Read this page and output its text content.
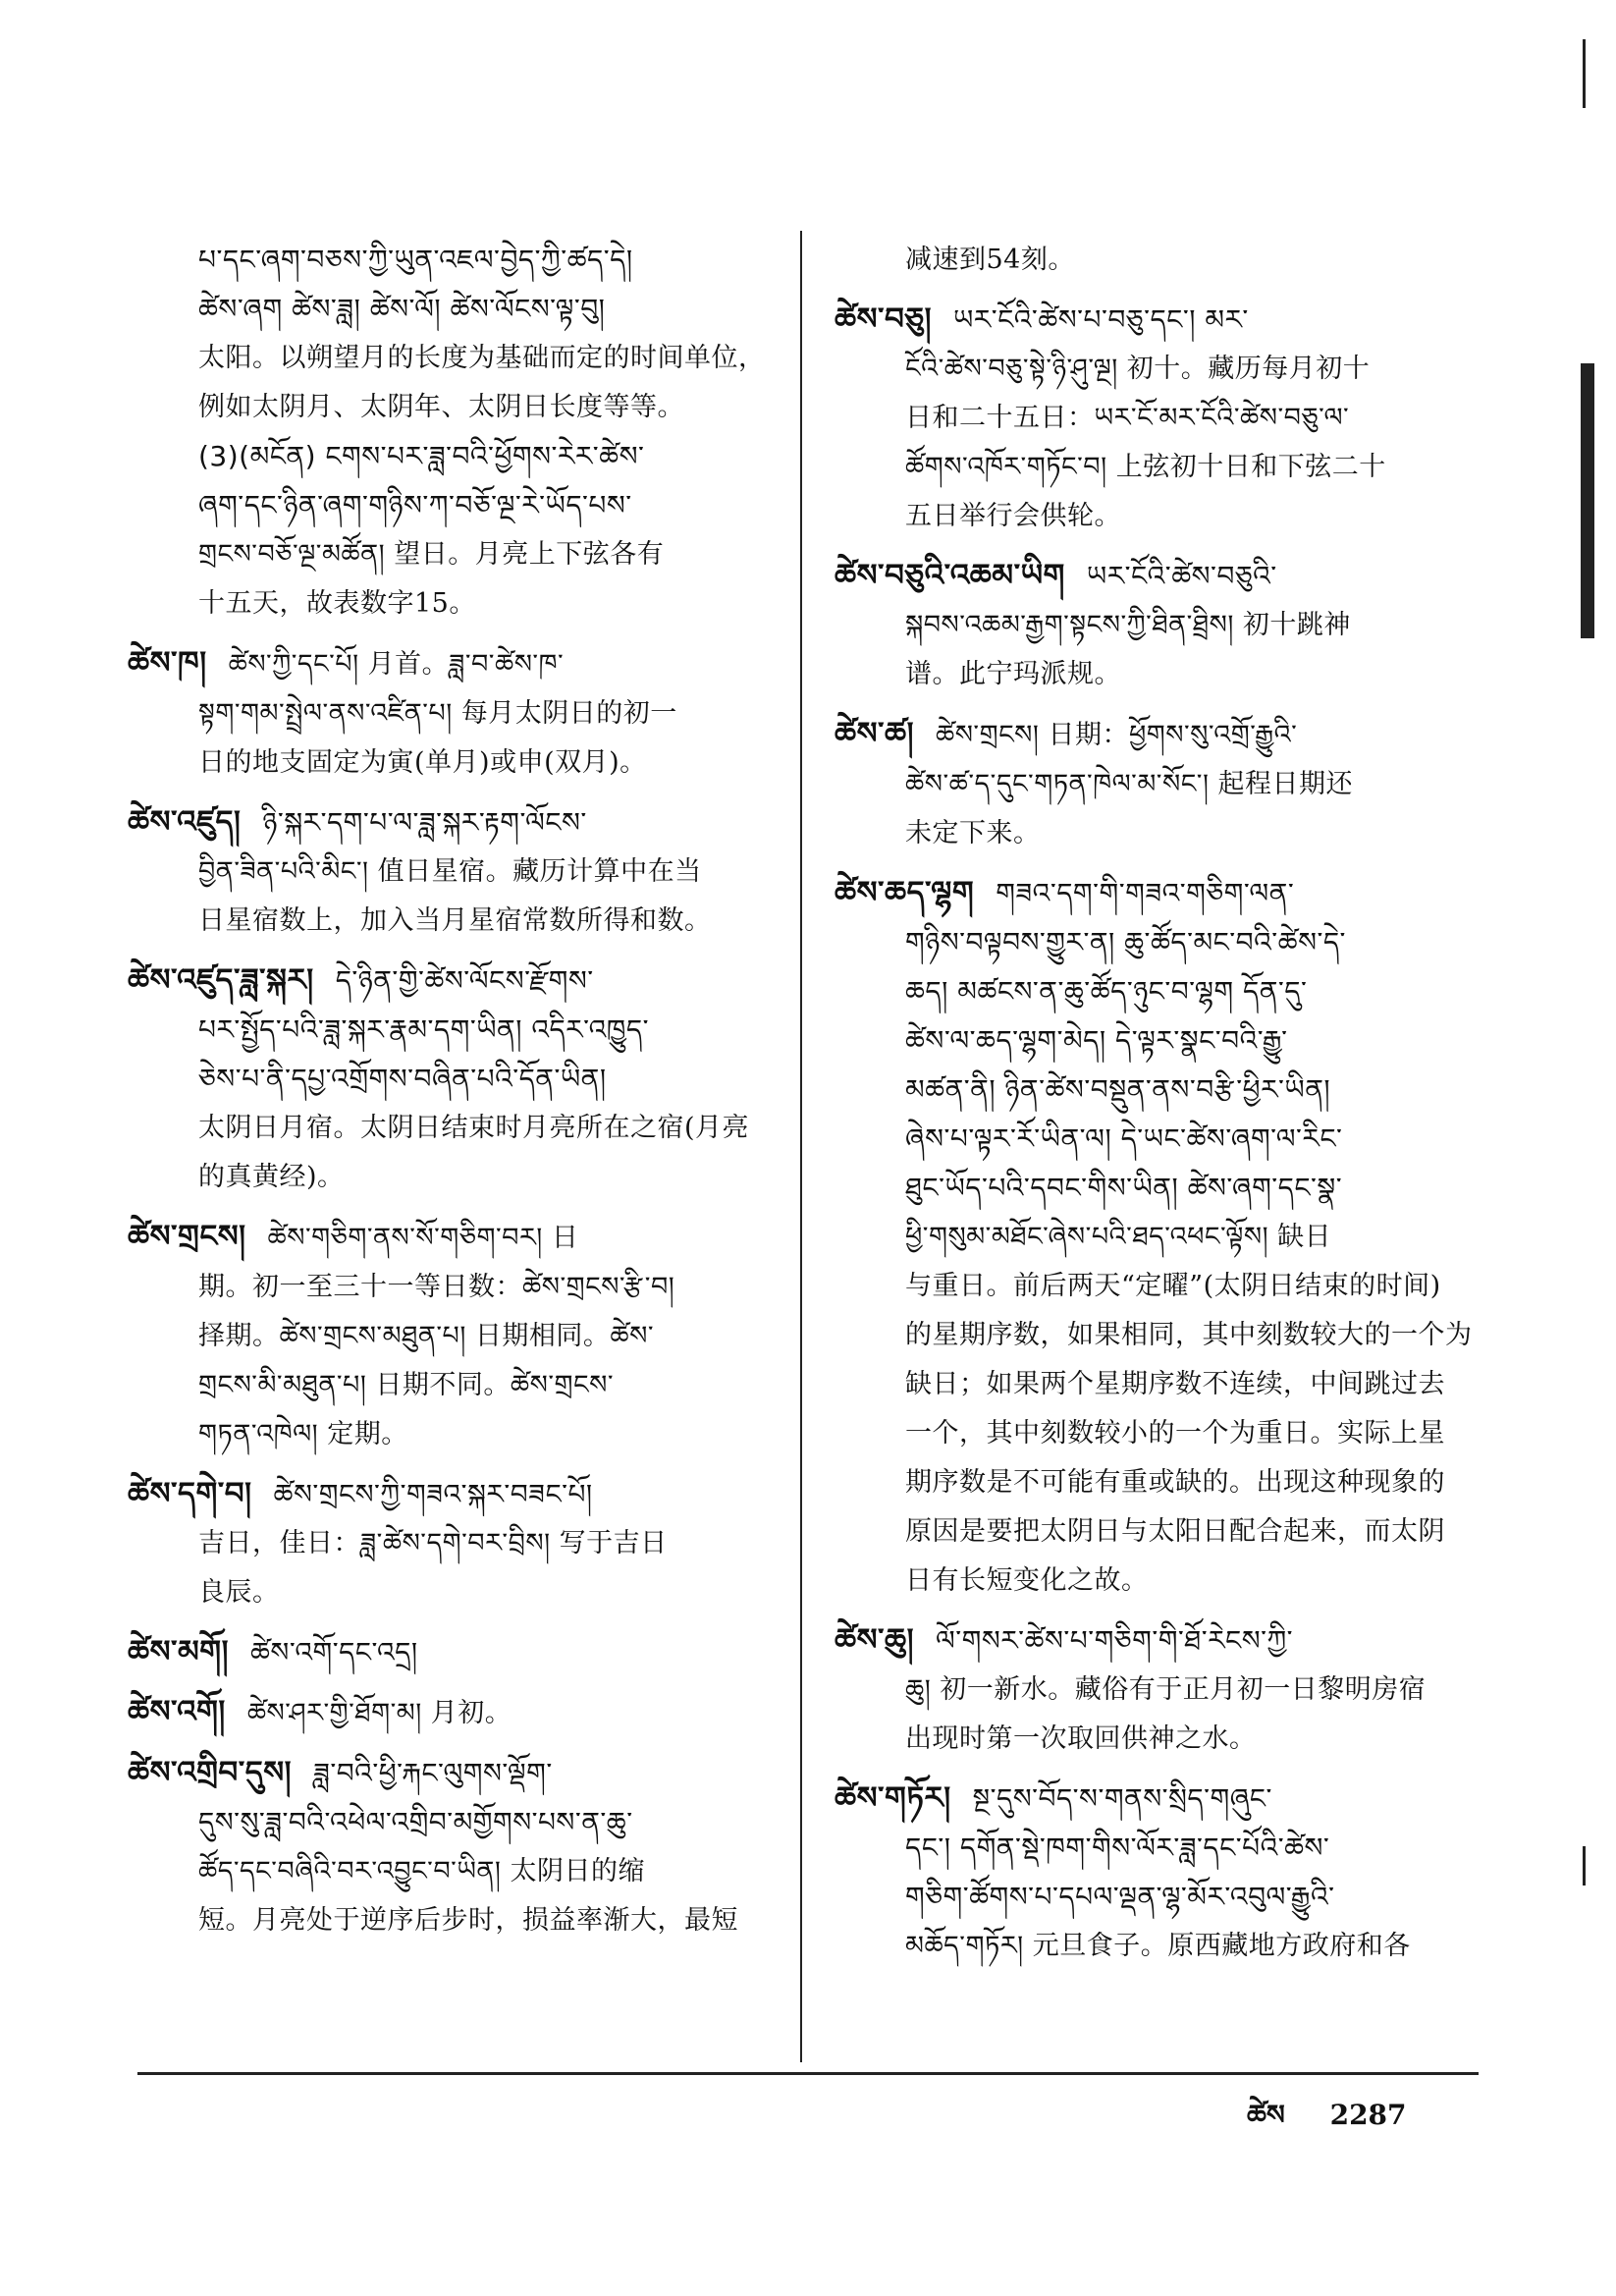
པ་དང་ཞག་བཅས་ཀྱི་ཡུན་འཇལ་བྱེད་ཀྱི་ཚད་དེ།
ཚེས་ཞག ཚེས་ཟླ། ཚེས་ལོ། ཚེས་ལོངས་ལྟ་བུ།
太阳。以朔望月的长度为基础而定的时间单位，
例如太阴月、太阴年、太阴日长度等等。
(3)(མངོན) ངགས་པར་ཟླ་བའི་ཕྱོགས་རེར་ཚེས་
ཞག་དང་ཉིན་ཞག་གཉིས་ཀ་བཅོ་ལྔ་རེ་ཡོད་པས་
གྲངས་བཅོ་ལྔ་མཚོན། 望日。月亮上下弦各有
十五天，故表数字15。
ཚེས་ཁ། ཚེས་ཀྱི་དང་པོ། 月首。ཟླ་བ་ཚེས་ཁ་
སྟག་གམ་སྤྲེལ་ནས་འཛིན་པ། 每月太阴日的初一
日的地支固定为寅(单月)或申(双月)。
ཚེས་འཛུད། ཉི་སྐར་དག་པ་ལ་ཟླ་སྐར་རྟག་ལོངས་
བྱིན་ཟིན་པའི་མིང་། 值日星宿。藏历计算中在当
日星宿数上，加入当月星宿常数所得和数。
ཚེས་འཛུད་ཟླ་སྐར། དེ་ཉིན་གྱི་ཚེས་ལོངས་རྫོགས་
པར་སྤྱོད་པའི་ཟླ་སྐར་རྣམ་དག་ཡིན། འདིར་འཁྱུད་
ཅེས་པ་ནི་དཔྱ་འགྲོགས་བཞིན་པའི་དོན་ཡིན།
太阴日月宿。太阴日结束时月亮所在之宿(月亮
的真黄经)。
ཚེས་གྲངས། ཚེས་གཅིག་ནས་སོ་གཅིག་བར། 日
期。初一至三十一等日数：ཚེས་གྲངས་རྩི་བ།
择期。ཚེས་གྲངས་མཐུན་པ། 日期相同。ཚེས་
གྲངས་མི་མཐུན་པ། 日期不同。ཚེས་གྲངས་
གཏན་འཁེལ། 定期。
ཚེས་དགེ་བ། ཚེས་གྲངས་ཀྱི་གཟའ་སྐར་བཟང་པོ།
吉日，佳日：ཟླ་ཚེས་དགེ་བར་བྲིས། 写于吉日
良辰。
ཚེས་མགོ། ཚེས་འགོ་དང་འདྲ།
ཚེས་འགོ། ཚེས་ཤར་གྱི་ཐོག་མ། 月初。
ཚེས་འགྲིབ་དུས། ཟླ་བའི་ཕྱི་རྐང་ལུགས་ལྡོག་
དུས་སུ་ཟླ་བའི་འཕེལ་འགྲིབ་མགྱོགས་པས་ན་ཆུ་
ཚོད་དང་བཞིའི་བར་འབྱུང་བ་ཡིན། 太阴日的缩
短。月亮处于逆序后步时，损益率渐大，最短
减速到54刻。
ཚེས་བཅུ། ཡར་ངོའི་ཚེས་པ་བཅུ་དང་། མར་
ངོའི་ཚེས་བཅུ་སྟེ་ཉི་ཤུ་ལྔ། 初十。藏历每月初十
日和二十五日：ཡར་ངོ་མར་ངོའི་ཚེས་བཅུ་ལ་
ཚོགས་འཁོར་གཏོང་བ། 上弦初十日和下弦二十
五日举行会供轮。
ཚེས་བཅུའི་འཆམ་ཡིག ཡར་ངོའི་ཚེས་བཅུའི་
སྐབས་འཆམ་རྒྱག་སྟངས་ཀྱི་ཐིན་ཐྲིས། 初十跳神
谱。此宁玛派规。
ཚེས་ཚ། ཚེས་གྲངས། 日期：ཕྱོགས་སུ་འགྲོ་རྒྱུའི་
ཚེས་ཚ་ད་དུང་གཏན་ཁེལ་མ་སོང་། 起程日期还
未定下来。
ཚེས་ཆད་ལྷག གཟའ་དག་གི་གཟའ་གཅིག་ལན་
གཉིས་བལྟབས་གྱུར་ན། ཆུ་ཚོད་མང་བའི་ཚེས་དེ་
ཆད། མཚངས་ན་ཆུ་ཚོད་ཉུང་བ་ལྷག དོན་དུ་
ཚེས་ལ་ཆད་ལྷག་མེད། དེ་ལྟར་སྣང་བའི་རྒྱུ་
མཚན་ནི། ཉིན་ཚེས་བསྡུན་ནས་བརྩི་ཕྱིར་ཡིན།
ཞེས་པ་ལྟར་རོ་ཡིན་ལ། དེ་ཡང་ཚེས་ཞག་ལ་རིང་
ཐུང་ཡོད་པའི་དབང་གིས་ཡིན། ཚེས་ཞག་དང་སྣ་
ཕྱི་གསུམ་མཐོང་ཞེས་པའི་ཐད་འཕང་ལྟོས། 缺日
与重日。前后两天“定曜”(太阴日结束的时间)
的星期序数，如果相同，其中刻数较大的一个为
缺日；如果两个星期序数不连续，中间跳过去
一个，其中刻数较小的一个为重日。实际上星
期序数是不可能有重或缺的。出现这种现象的
原因是要把太阴日与太阳日配合起来，而太阴
日有长短变化之故。
ཚེས་ཆུ། ལོ་གསར་ཚེས་པ་གཅིག་གི་ཐོ་རེངས་ཀྱི་
ཆུ། 初一新水。藏俗有于正月初一日黎明房宿
出现时第一次取回供神之水。
ཚེས་གཏོར། སྔ་དུས་བོད་ས་གནས་སྲིད་གཞུང་
དང་། དགོན་སྡེ་ཁག་གིས་ལོར་ཟླ་དང་པོའི་ཚེས་
གཅིག་ཚོགས་པ་དཔལ་ལྡན་ལྷ་མོར་འབུལ་རྒྱུའི་
མཆོད་གཏོར། 元旦食子。原西藏地方政府和各
ཚེས 2287
